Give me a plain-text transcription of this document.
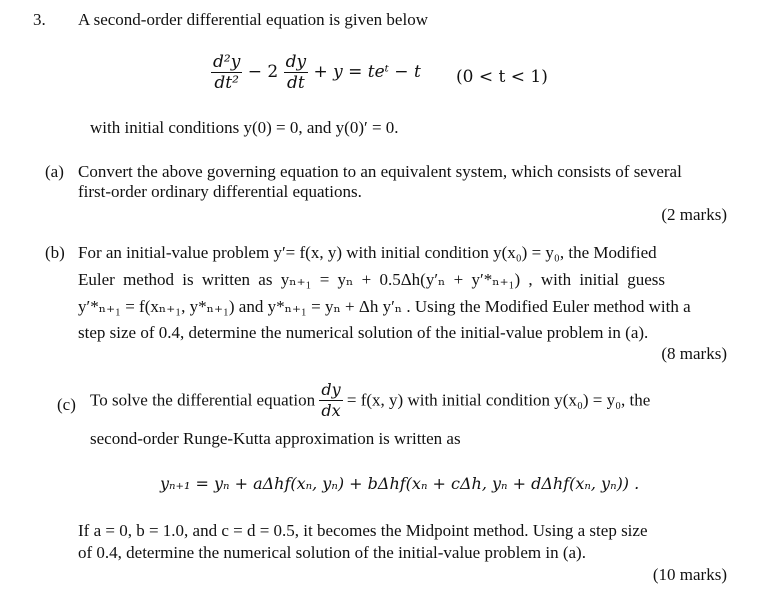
3. A second-order differential equation is given below
$\frac{\text{d²y}}{\text{dt²}} - 2 \frac{dy}{dt} + y$ = teᵗ − t (0 < t < 1)
with initial conditions y(0) = 0, and y(0)′ = 0.
(a) Convert the above governing equation to an equivalent system, which consists of several
first-order ordinary differential equations.
(2 marks)
(b) For an initial-value problem y′= f(x, y) with initial condition y(x₀) = y₀, the Modified
Euler method is written as yₙ₊₁ = yₙ + 0.5Δh(y′ₙ + y′*ₙ₊₁) , with initial guess
y′*ₙ₊₁ = f(xₙ₊₁, y*ₙ₊₁) and y*ₙ₊₁ = yₙ + Δh y′ₙ . Using the Modified Euler method with a
step size of 0.4, determine the numerical solution of the initial-value problem in (a).
(8 marks)
(c) To solve the differential equation $\frac{dy}{dx} = f(x$, y) with initial condition y(x₀) = y₀, the
second-order Runge-Kutta approximation is written as
yₙ₊₁ = yₙ + aΔhf(xₙ, yₙ) + bΔhf(xₙ + cΔh, yₙ + dΔhf(xₙ, yₙ)) .
If a = 0, b = 1.0, and c = d = 0.5, it becomes the Midpoint method. Using a step size
of 0.4, determine the numerical solution of the initial-value problem in (a).
(10 marks)
